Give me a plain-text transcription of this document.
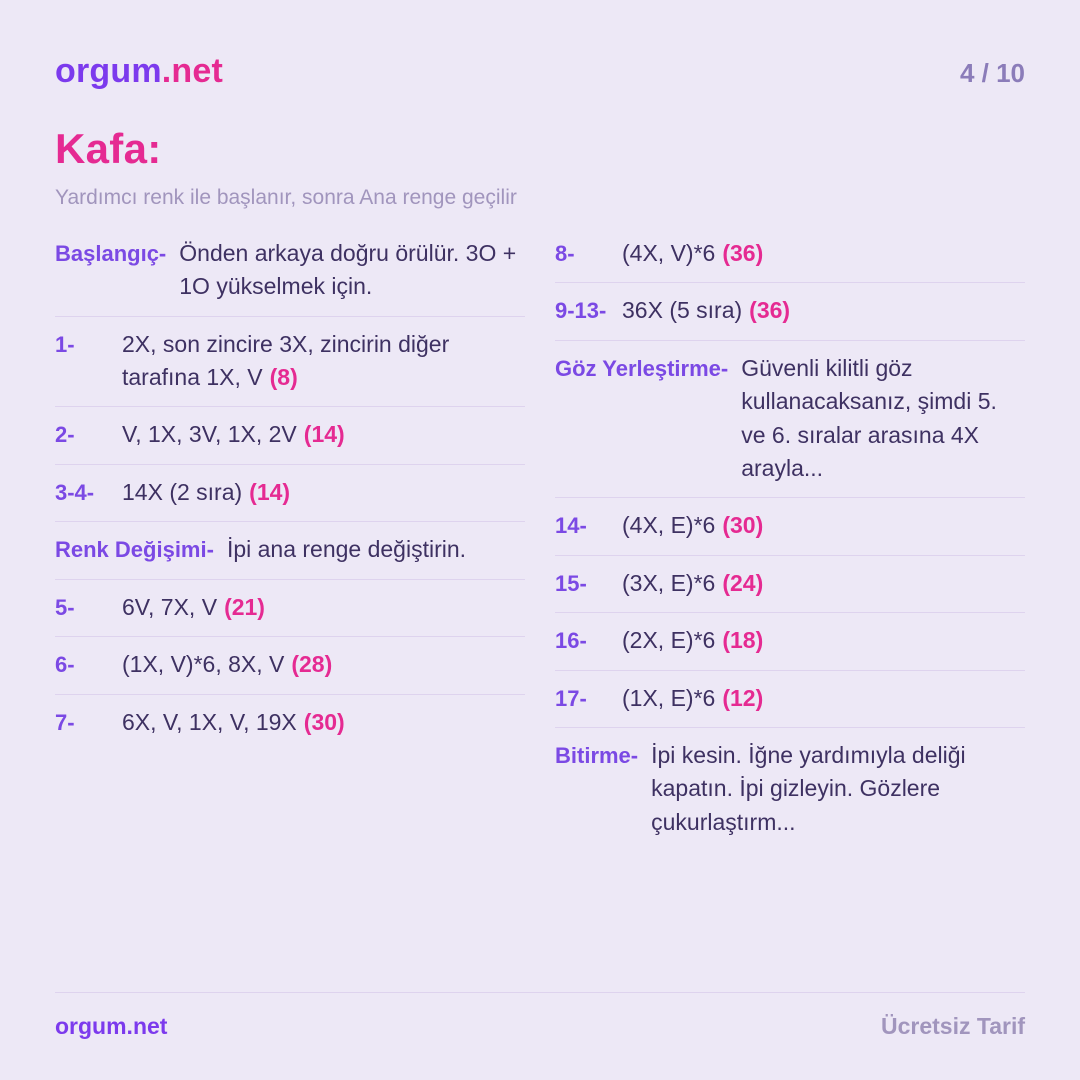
orgum.net	4 / 10
Kafa:
Yardımcı renk ile başlanır, sonra Ana renge geçilir
Başlangıç- Önden arkaya doğru örülür. 3O + 1O yükselmek için.
1-	2X, son zincire 3X, zincirin diğer tarafına 1X, V (8)
2-	V, 1X, 3V, 1X, 2V (14)
3-4-	14X (2 sıra) (14)
Renk Değişimi- İpi ana renge değiştirin.
5-	6V, 7X, V (21)
6-	(1X, V)*6, 8X, V (28)
7-	6X, V, 1X, V, 19X (30)
8-	(4X, V)*6 (36)
9-13- 36X (5 sıra) (36)
Göz Yerleştirme- Güvenli kilitli göz kullanacaksanız, şimdi 5. ve 6. sıralar arasına 4X arayla...
14-	(4X, E)*6 (30)
15-	(3X, E)*6 (24)
16-	(2X, E)*6 (18)
17-	(1X, E)*6 (12)
Bitirme- İpi kesin. İğne yardımıyla deliği kapatın. İpi gizleyin. Gözlere çukurlaştırm...
orgum.net	Ücretsiz Tarif
